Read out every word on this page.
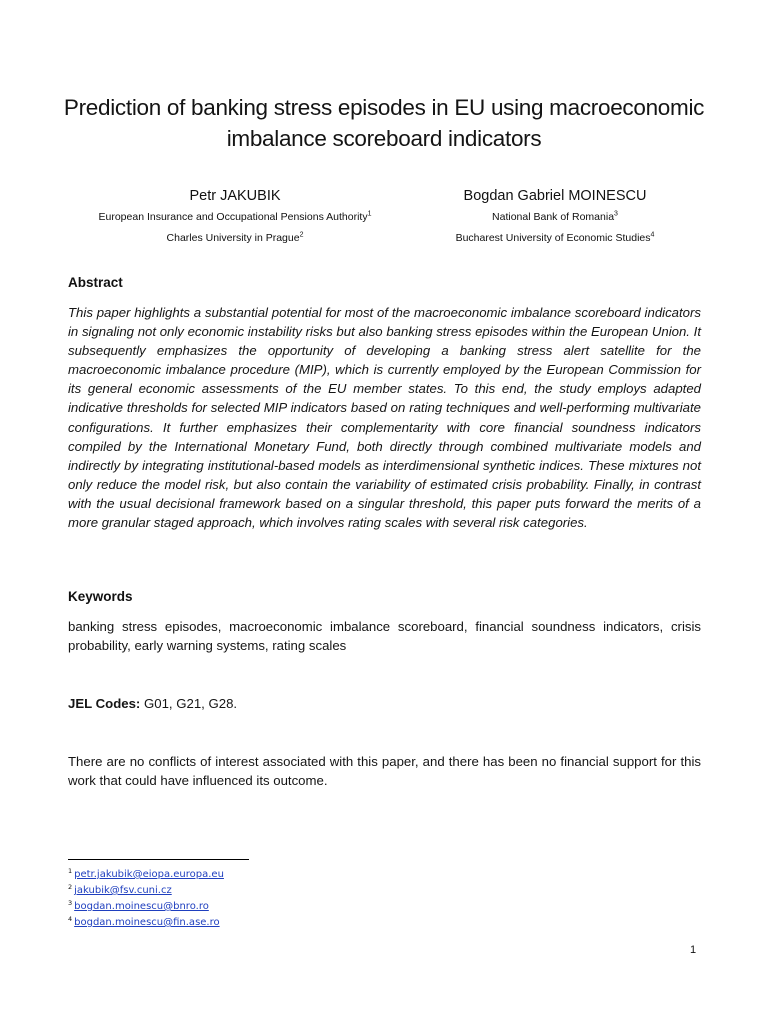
Prediction of banking stress episodes in EU using macroeconomic
imbalance scoreboard indicators
Petr JAKUBIK
European Insurance and Occupational Pensions Authority$^1$
Charles University in Prague$^2$
Bogdan Gabriel MOINESCU
National Bank of Romania$^3$
Bucharest University of Economic Studies$^4$
Abstract
This paper highlights a substantial potential for most of the macroeconomic imbalance scoreboard indicators in signaling not only economic instability risks but also banking stress episodes within the European Union. It subsequently emphasizes the opportunity of developing a banking stress alert satellite for the macroeconomic imbalance procedure (MIP), which is currently employed by the European Commission for its general economic assessments of the EU member states. To this end, the study employs adapted indicative thresholds for selected MIP indicators based on rating techniques and well-performing multivariate configurations. It further emphasizes their complementarity with core financial soundness indicators compiled by the International Monetary Fund, both directly through combined multivariate models and indirectly by integrating institutional-based models as interdimensional synthetic indices. These mixtures not only reduce the model risk, but also contain the variability of estimated crisis probability. Finally, in contrast with the usual decisional framework based on a singular threshold, this paper puts forward the merits of a more granular staged approach, which involves rating scales with several risk categories.
Keywords
banking stress episodes, macroeconomic imbalance scoreboard, financial soundness indicators, crisis probability, early warning systems, rating scales
JEL Codes: G01, G21, G28.
There are no conflicts of interest associated with this paper, and there has been no financial support for this work that could have influenced its outcome.
$^1$ petr.jakubik@eiopa.europa.eu
$^2$ jakubik@fsv.cuni.cz
$^3$ bogdan.moinescu@bnro.ro
$^4$ bogdan.moinescu@fin.ase.ro
1
